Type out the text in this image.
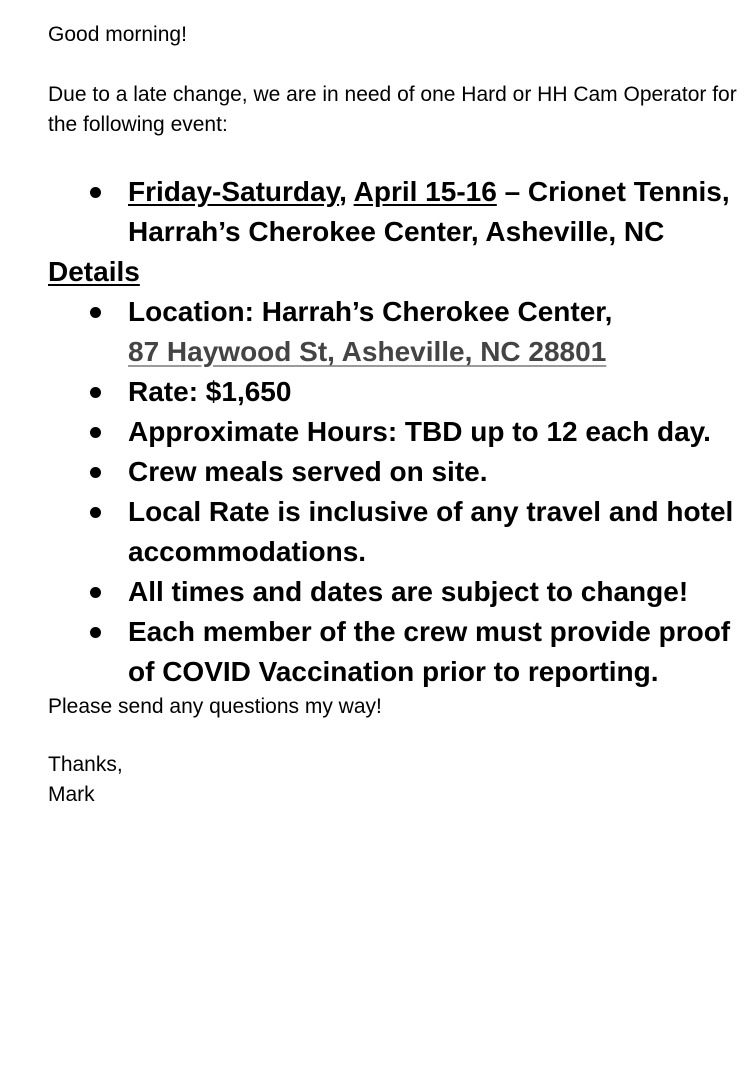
Good morning!

Due to a late change, we are in need of one Hard or HH Cam Operator for the following event:

Friday-Saturday, April 15-16 – Crionet Tennis, Harrah’s Cherokee Center, Asheville, NC
Details
Location: Harrah’s Cherokee Center,
87 Haywood St, Asheville, NC 28801
Rate: $1,650
Approximate Hours: TBD up to 12 each day.
Crew meals served on site.
Local Rate is inclusive of any travel and hotel accommodations.
All times and dates are subject to change!
Each member of the crew must provide proof of COVID Vaccination prior to reporting.

Please send any questions my way!

Thanks,

Mark
